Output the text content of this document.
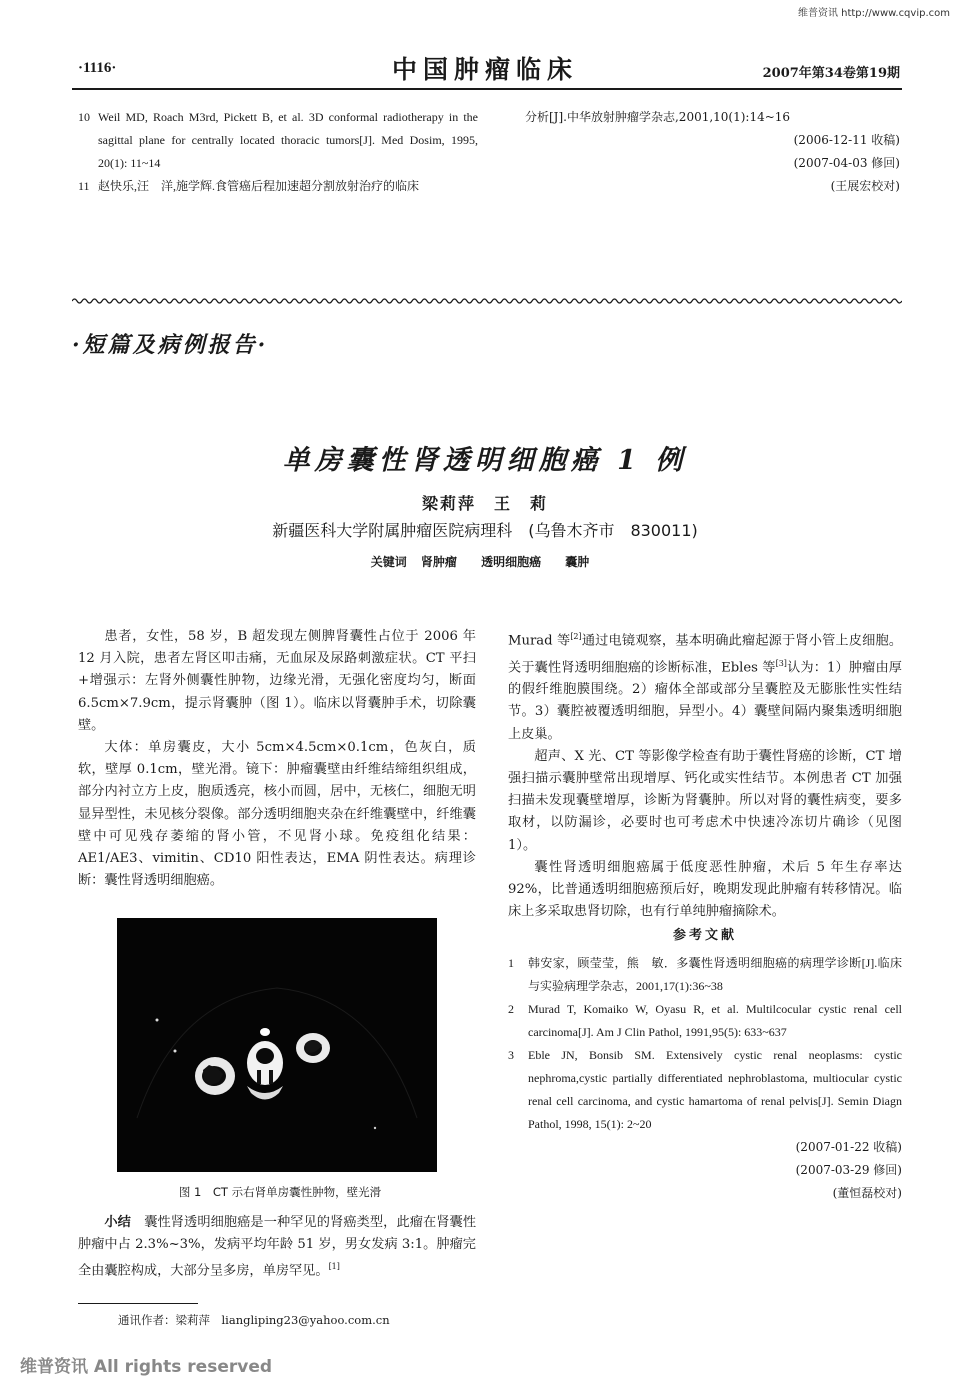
维普资讯 http://www.cqvip.com
·1116·	中国肿瘤临床	2007年第34卷第19期
10 Weil MD, Roach M3rd, Pickett B, et al. 3D conformal radiotherapy in the sagittal plane for centrally located thoracic tumors[J]. Med Dosim, 1995, 20(1): 11~14
11 赵快乐,汪　洋,施学辉.食管癌后程加速超分割放射治疗的临床
分析[J].中华放射肿瘤学杂志,2001,10(1):14~16
(2006-12-11 收稿)
(2007-04-03 修回)
(王展宏校对)
·短篇及病例报告·
单房囊性肾透明细胞癌 1 例
梁莉萍　王　莉
新疆医科大学附属肿瘤医院病理科　(乌鲁木齐市　830011)
关键词 肾肿瘤 透明细胞癌 囊肿

患者，女性，58 岁，B 超发现左侧脾肾囊性占位于 2006 年 12 月入院，患者左肾区叩击痛，无血尿及尿路刺激症状。CT 平扫+增强示：左肾外侧囊性肿物，边缘光滑，无强化密度均匀，断面 6.5cm×7.9cm，提示肾囊肿（图 1）。临床以肾囊肿手术，切除囊壁。

大体：单房囊皮，大小 5cm×4.5cm×0.1cm，色灰白，质软，壁厚 0.1cm，壁光滑。镜下：肿瘤囊壁由纤维结缔组织组成，部分内衬立方上皮，胞质透亮，核小而圆，居中，无核仁，细胞无明显异型性，未见核分裂像。部分透明细胞夹杂在纤维囊壁中，纤维囊壁中可见残存萎缩的肾小管，不见肾小球。免疫组化结果：AE1/AE3、vimitin、CD10 阳性表达，EMA 阴性表达。病理诊断：囊性肾透明细胞癌。

图 1　CT 示右肾单房囊性肿物，壁光滑

小结　 囊性肾透明细胞癌是一种罕见的肾癌类型，此瘤在肾囊性肿瘤中占 2.3%~3%，发病平均年龄 51 岁，男女发病 3:1。肿瘤完全由囊腔构成，大部分呈多房，单房罕见。[1]

Murad 等[2]通过电镜观察，基本明确此瘤起源于肾小管上皮细胞。关于囊性肾透明细胞癌的诊断标准，Ebles 等[3]认为：1）肿瘤由厚的假纤维胞膜围绕。2）瘤体全部或部分呈囊腔及无膨胀性实性结节。3）囊腔被覆透明细胞，异型小。4）囊壁间隔内聚集透明细胞上皮巢。

超声、X 光、CT 等影像学检查有助于囊性肾癌的诊断，CT 增强扫描示囊肿壁常出现增厚、钙化或实性结节。本例患者 CT 加强扫描未发现囊壁增厚，诊断为肾囊肿。所以对肾的囊性病变，要多取材，以防漏诊，必要时也可考虑术中快速冷冻切片确诊（见图 1）。

囊性肾透明细胞癌属于低度恶性肿瘤，术后 5 年生存率达 92%，比普通透明细胞癌预后好，晚期发现此肿瘤有转移情况。临床上多采取患肾切除，也有行单纯肿瘤摘除术。

参考文献
1	韩安家，顾莹莹，熊　敏．多囊性肾透明细胞癌的病理学诊断[J].临床与实验病理学杂志，2001,17(1):36~38
2	Murad T, Komaiko W, Oyasu R, et al. Multilcocular cystic renal cell carcinoma[J]. Am J Clin Pathol, 1991,95(5): 633~637
3	Eble JN, Bonsib SM. Extensively cystic renal neoplasms: cystic nephroma,cystic partially differentiated nephroblastoma, multiocular cystic renal cell carcinoma, and cystic hamartoma of renal pelvis[J]. Semin Diagn Pathol, 1998, 15(1): 2~20
(2007-01-22 收稿)
(2007-03-29 修回)
(董恒磊校对)
通讯作者：梁莉萍　liangliping23@yahoo.com.cn
维普资讯 All rights reserved
